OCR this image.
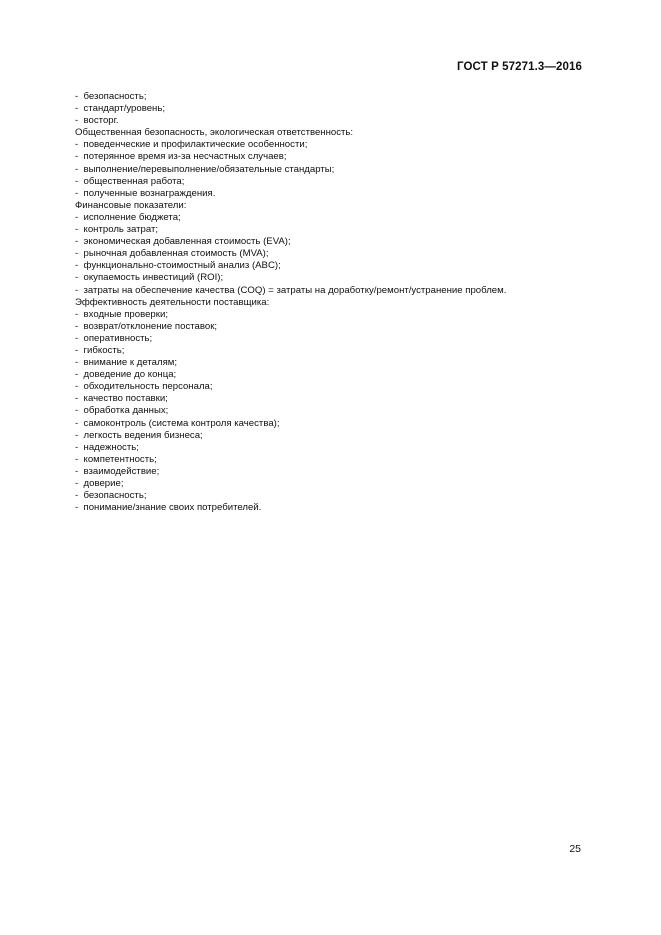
ГОСТ Р 57271.3—2016
-  безопасность;
-  стандарт/уровень;
-  восторг.
Общественная безопасность, экологическая ответственность:
-  поведенческие и профилактические особенности;
-  потерянное время из-за несчастных случаев;
-  выполнение/перевыполнение/обязательные стандарты;
-  общественная работа;
-  полученные вознаграждения.
Финансовые показатели:
-  исполнение бюджета;
-  контроль затрат;
-  экономическая добавленная стоимость (EVA);
-  рыночная добавленная стоимость (MVA);
-  функционально-стоимостный анализ (ABC);
-  окупаемость инвестиций (ROI);
-  затраты на обеспечение качества (COQ) = затраты на доработку/ремонт/устранение проблем.
Эффективность деятельности поставщика:
-  входные проверки;
-  возврат/отклонение поставок;
-  оперативность;
-  гибкость;
-  внимание к деталям;
-  доведение до конца;
-  обходительность персонала;
-  качество поставки;
-  обработка данных;
-  самоконтроль (система контроля качества);
-  легкость ведения бизнеса;
-  надежность;
-  компетентность;
-  взаимодействие;
-  доверие;
-  безопасность;
-  понимание/знание своих потребителей.
25
